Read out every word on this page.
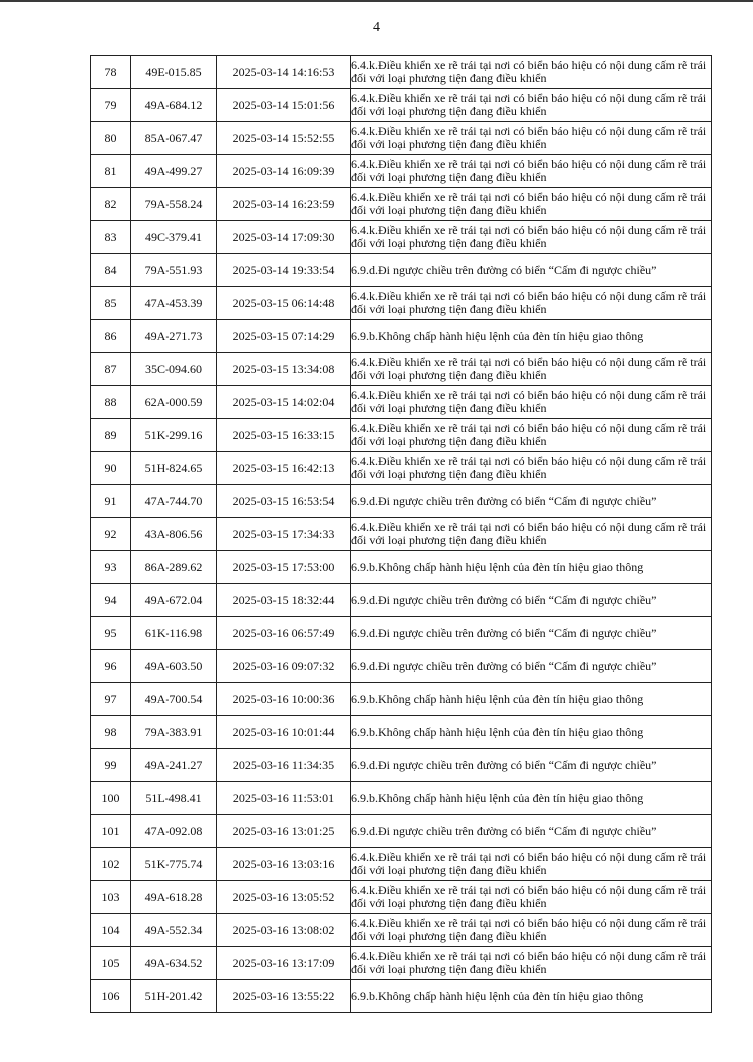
4
78	49E-015.85	2025-03-14 14:16:53	6.4.k.Điều khiển xe rẽ trái tại nơi có biển báo hiệu có nội dung cấm rẽ trái đối với loại phương tiện đang điều khiển
79	49A-684.12	2025-03-14 15:01:56	6.4.k.Điều khiển xe rẽ trái tại nơi có biển báo hiệu có nội dung cấm rẽ trái đối với loại phương tiện đang điều khiển
80	85A-067.47	2025-03-14 15:52:55	6.4.k.Điều khiển xe rẽ trái tại nơi có biển báo hiệu có nội dung cấm rẽ trái đối với loại phương tiện đang điều khiển
81	49A-499.27	2025-03-14 16:09:39	6.4.k.Điều khiển xe rẽ trái tại nơi có biển báo hiệu có nội dung cấm rẽ trái đối với loại phương tiện đang điều khiển
82	79A-558.24	2025-03-14 16:23:59	6.4.k.Điều khiển xe rẽ trái tại nơi có biển báo hiệu có nội dung cấm rẽ trái đối với loại phương tiện đang điều khiển
83	49C-379.41	2025-03-14 17:09:30	6.4.k.Điều khiển xe rẽ trái tại nơi có biển báo hiệu có nội dung cấm rẽ trái đối với loại phương tiện đang điều khiển
84	79A-551.93	2025-03-14 19:33:54	6.9.d.Đi ngược chiều trên đường có biển “Cấm đi ngược chiều”
85	47A-453.39	2025-03-15 06:14:48	6.4.k.Điều khiển xe rẽ trái tại nơi có biển báo hiệu có nội dung cấm rẽ trái đối với loại phương tiện đang điều khiển
86	49A-271.73	2025-03-15 07:14:29	6.9.b.Không chấp hành hiệu lệnh của đèn tín hiệu giao thông
87	35C-094.60	2025-03-15 13:34:08	6.4.k.Điều khiển xe rẽ trái tại nơi có biển báo hiệu có nội dung cấm rẽ trái đối với loại phương tiện đang điều khiển
88	62A-000.59	2025-03-15 14:02:04	6.4.k.Điều khiển xe rẽ trái tại nơi có biển báo hiệu có nội dung cấm rẽ trái đối với loại phương tiện đang điều khiển
89	51K-299.16	2025-03-15 16:33:15	6.4.k.Điều khiển xe rẽ trái tại nơi có biển báo hiệu có nội dung cấm rẽ trái đối với loại phương tiện đang điều khiển
90	51H-824.65	2025-03-15 16:42:13	6.4.k.Điều khiển xe rẽ trái tại nơi có biển báo hiệu có nội dung cấm rẽ trái đối với loại phương tiện đang điều khiển
91	47A-744.70	2025-03-15 16:53:54	6.9.d.Đi ngược chiều trên đường có biển “Cấm đi ngược chiều”
92	43A-806.56	2025-03-15 17:34:33	6.4.k.Điều khiển xe rẽ trái tại nơi có biển báo hiệu có nội dung cấm rẽ trái đối với loại phương tiện đang điều khiển
93	86A-289.62	2025-03-15 17:53:00	6.9.b.Không chấp hành hiệu lệnh của đèn tín hiệu giao thông
94	49A-672.04	2025-03-15 18:32:44	6.9.d.Đi ngược chiều trên đường có biển “Cấm đi ngược chiều”
95	61K-116.98	2025-03-16 06:57:49	6.9.d.Đi ngược chiều trên đường có biển “Cấm đi ngược chiều”
96	49A-603.50	2025-03-16 09:07:32	6.9.d.Đi ngược chiều trên đường có biển “Cấm đi ngược chiều”
97	49A-700.54	2025-03-16 10:00:36	6.9.b.Không chấp hành hiệu lệnh của đèn tín hiệu giao thông
98	79A-383.91	2025-03-16 10:01:44	6.9.b.Không chấp hành hiệu lệnh của đèn tín hiệu giao thông
99	49A-241.27	2025-03-16 11:34:35	6.9.d.Đi ngược chiều trên đường có biển “Cấm đi ngược chiều”
100	51L-498.41	2025-03-16 11:53:01	6.9.b.Không chấp hành hiệu lệnh của đèn tín hiệu giao thông
101	47A-092.08	2025-03-16 13:01:25	6.9.d.Đi ngược chiều trên đường có biển “Cấm đi ngược chiều”
102	51K-775.74	2025-03-16 13:03:16	6.4.k.Điều khiển xe rẽ trái tại nơi có biển báo hiệu có nội dung cấm rẽ trái đối với loại phương tiện đang điều khiển
103	49A-618.28	2025-03-16 13:05:52	6.4.k.Điều khiển xe rẽ trái tại nơi có biển báo hiệu có nội dung cấm rẽ trái đối với loại phương tiện đang điều khiển
104	49A-552.34	2025-03-16 13:08:02	6.4.k.Điều khiển xe rẽ trái tại nơi có biển báo hiệu có nội dung cấm rẽ trái đối với loại phương tiện đang điều khiển
105	49A-634.52	2025-03-16 13:17:09	6.4.k.Điều khiển xe rẽ trái tại nơi có biển báo hiệu có nội dung cấm rẽ trái đối với loại phương tiện đang điều khiển
106	51H-201.42	2025-03-16 13:55:22	6.9.b.Không chấp hành hiệu lệnh của đèn tín hiệu giao thông
